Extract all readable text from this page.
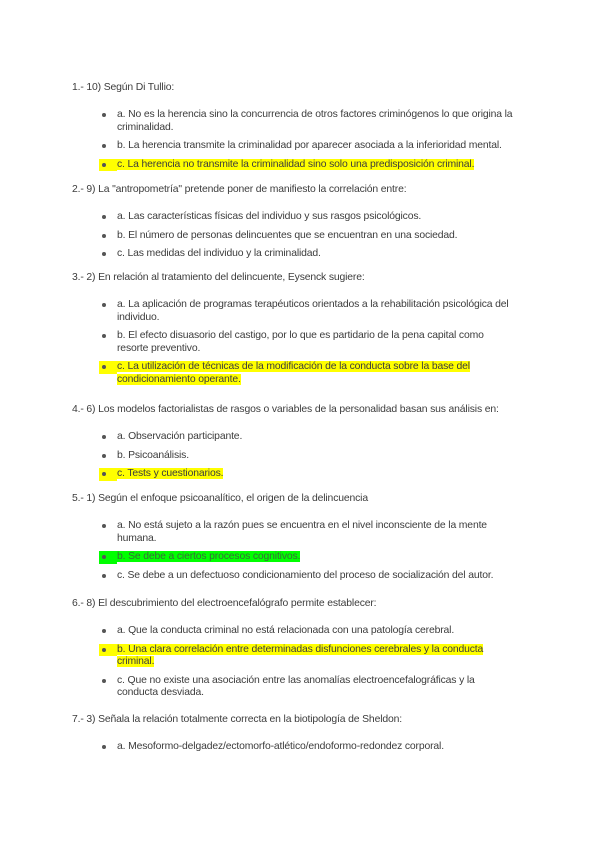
1.- 10) Según Di Tullio:

a. No es la herencia sino la concurrencia de otros factores criminógenos lo que origina la criminalidad.
b. La herencia transmite la criminalidad por aparecer asociada a la inferioridad mental.
c. La herencia no transmite la criminalidad sino solo una predisposición criminal.

2.- 9) La "antropometría" pretende poner de manifiesto la correlación entre:

a. Las características físicas del individuo y sus rasgos psicológicos.
b. El número de personas delincuentes que se encuentran en una sociedad.
c. Las medidas del individuo y la criminalidad.

3.- 2) En relación al tratamiento del delincuente, Eysenck sugiere:

a. La aplicación de programas terapéuticos orientados a la rehabilitación psicológica del individuo.
b. El efecto disuasorio del castigo, por lo que es partidario de la pena capital como resorte preventivo.
c. La utilización de técnicas de la modificación de la conducta sobre la base del condicionamiento operante.

4.- 6) Los modelos factorialistas de rasgos o variables de la personalidad basan sus análisis en:

a. Observación participante.
b. Psicoanálisis.
c. Tests y cuestionarios.

5.- 1) Según el enfoque psicoanalítico, el origen de la delincuencia

a. No está sujeto a la razón pues se encuentra en el nivel inconsciente de la mente humana.
b. Se debe a ciertos procesos cognitivos.
c. Se debe a un defectuoso condicionamiento del proceso de socialización del autor.

6.- 8) El descubrimiento del electroencefalógrafo permite establecer:

a. Que la conducta criminal no está relacionada con una patología cerebral.
b. Una clara correlación entre determinadas disfunciones cerebrales y la conducta criminal.
c. Que no existe una asociación entre las anomalías electroencefalográficas y la conducta desviada.

7.- 3) Señala la relación totalmente correcta en la biotipología de Sheldon:

a. Mesoformo-delgadez/ectomorfo-atlético/endoformo-redondez corporal.
